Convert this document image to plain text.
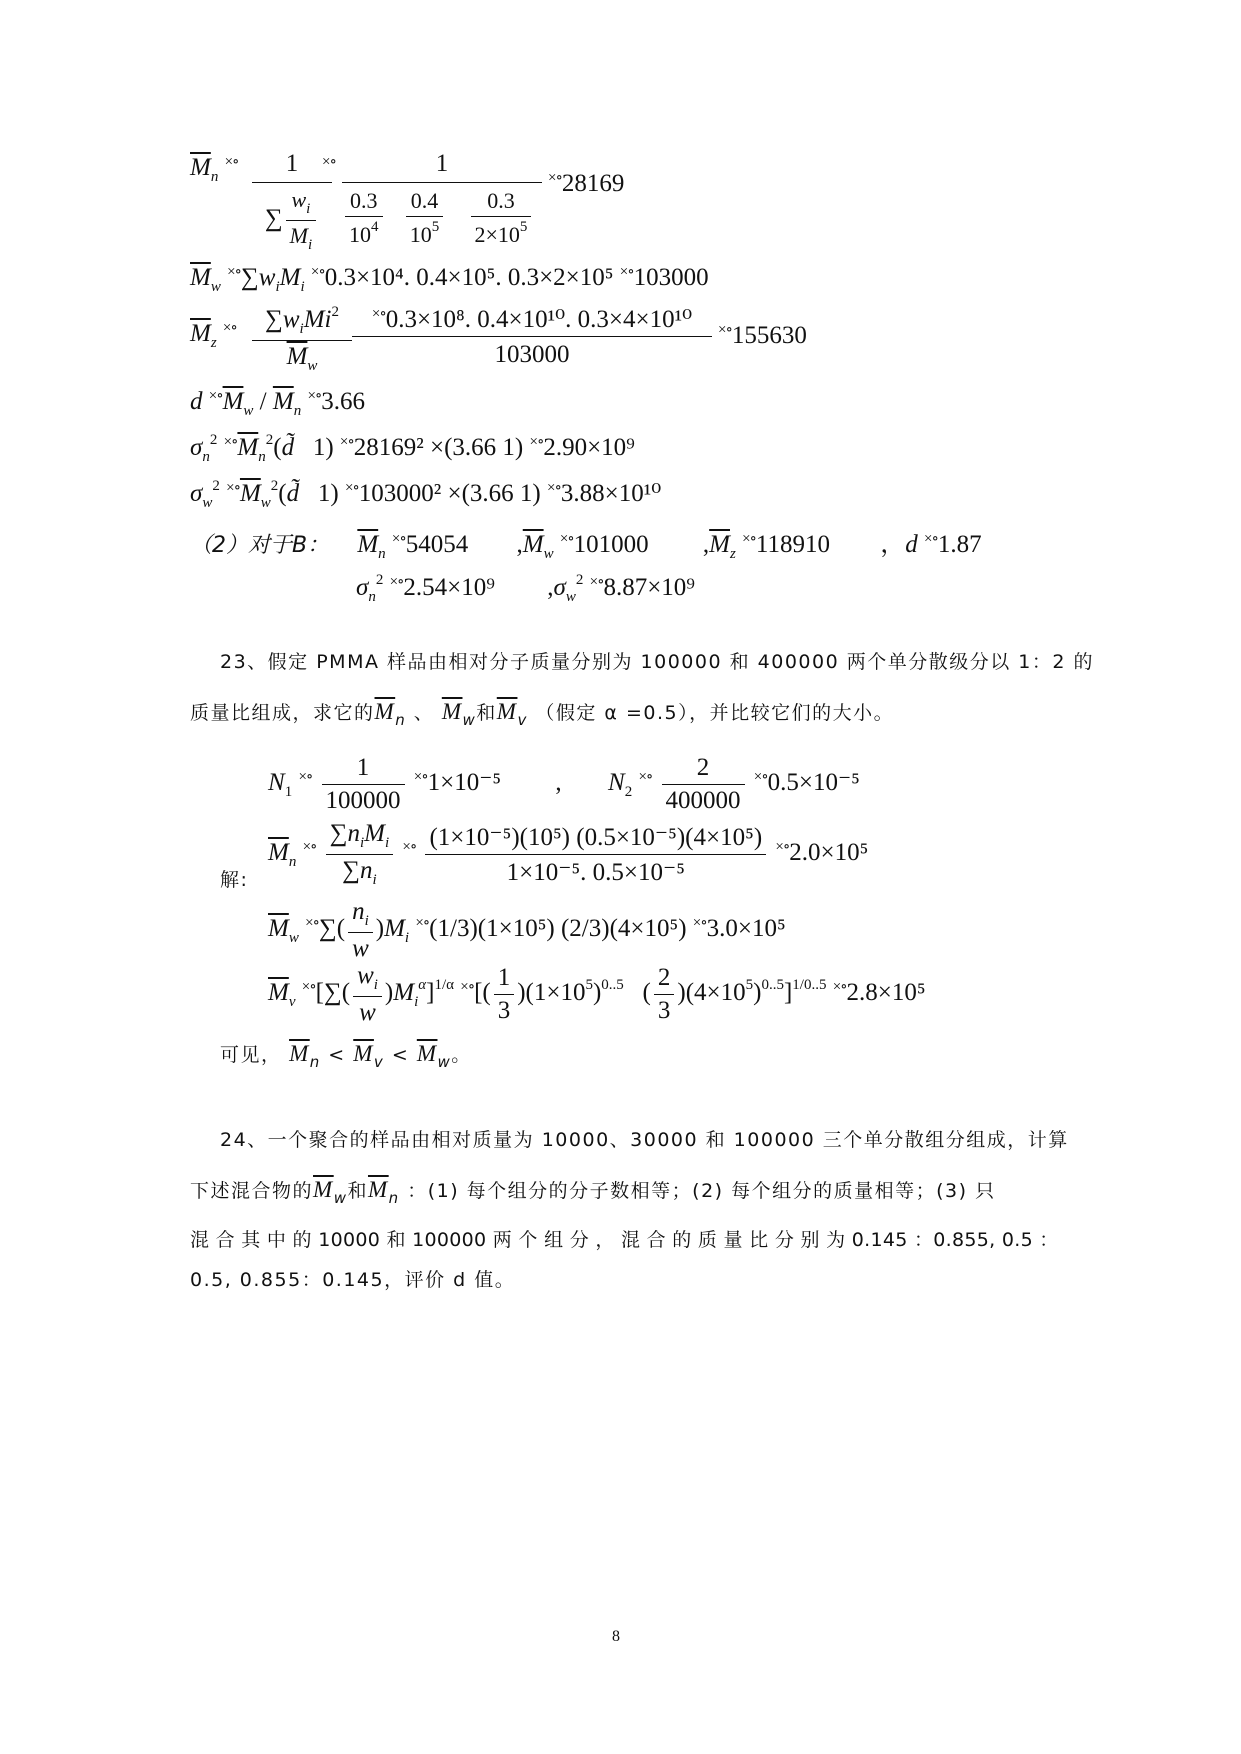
$\overline{M}_n$ ×∘	1
∑ $\frac{w_i}{M_i}$
×∘	1
$\frac{0.3}{10^4}$
$\frac{0.4}{10^5}$
$\frac{0.3}{2\times 10^5}$
×∘28169
$\overline{M}_w$ $^{\times\circ}\sum w_iM_i$ ×∘0.3×10⁴. 0.4×10⁵. 0.3×2×10⁵ ×∘103000
$\overline{M}_z$ ×∘	$\sum w_iMi^2$
$\overline{M}_w$
×∘0.3×10⁸. 0.4×10¹⁰. 0.3×4×10¹⁰
103000
×∘155630
d $^{\times\circ}\overline{M}_w / \overline{M}_n$ ×∘3.66
$\sigma_n^2$ $^{\times\circ}\overline{M}_n^2(d̃$   1) ×∘28169² ×(3.66 1) ×∘2.90×10⁹
$\sigma_w^2$ $^{\times\circ}\overline{M}_w^2(d̃$   1) ×∘103000² ×(3.66 1) ×∘3.88×10¹⁰
（2）对于B： $\overline{M}_n$ ×∘54054 $,\overline{M}_w$ ×∘101000 $,\overline{M}_z$ ×∘118910 ，d ×∘1.87
$\sigma_n^2$ ×∘2.54×10⁹ $,\sigma_w^2$ ×∘8.87×10⁹
23、假定 PMMA 样品由相对分子质量分别为 100000 和 400000 两个单分散级分以 1：2 的
质量比组成，求它的$\overline{M}_n$ 、 $\overline{M}_w$和$\overline{M}_v$ （假定 α =0.5），并比较它们的大小。
$N_1$ $^{\times\circ} \frac{1}{100000} ^{\times\circ}1\times 10^{-5}$ , $N_2$ $^{\times\circ} \frac{2}{400000} ^{\times\circ}0.5\times 10^{-5}$
$\overline{M}_n$ $^{\times\circ} \frac{\sum n_iM_i}{\sum n_i} ^{\times\circ} \frac{\text{(1×10⁻⁵)(10⁵) (0.5×10⁻⁵)(4×10⁵)}}{\text{1×10⁻⁵. 0.5×10⁻⁵}} ^{\times\circ}2.0\times 10^5$
解:
$\overline{M}_w$ $^{\times\circ}\sum( \frac{n_i}{w} )M_i$ ×∘(1/3)(1×10⁵) (2/3)(4×10⁵) ×∘3.0×10⁵
$\overline{M}_v$ $^{\times\circ}[\sum( \frac{w_i}{w} )M_i^\alpha]^{1/\alpha}$ $^{\times\circ}[( \frac{1}{3} )(1\times 10^5)^{0..5}$   ( $\frac{2}{3} )(4\times 10^5)^{0..5}]^{1/0..5}$ ×∘2.8×10⁵
可见， $\overline{M}_n < \overline{M}_v < \overline{M}_w$。
24、一个聚合的样品由相对质量为 10000、30000 和 100000 三个单分散组分组成，计算
下述混合物的$\overline{M}_w$和$\overline{M}_n$ ：(1) 每个组分的分子数相等；(2) 每个组分的质量相等；(3) 只
混 合 其 中 的 10000 和 100000 两 个 组 分 ， 混 合 的 质 量 比 分 别 为 0.145 ：0.855, 0.5 ：
0.5, 0.855：0.145，评价 d 值。
8
